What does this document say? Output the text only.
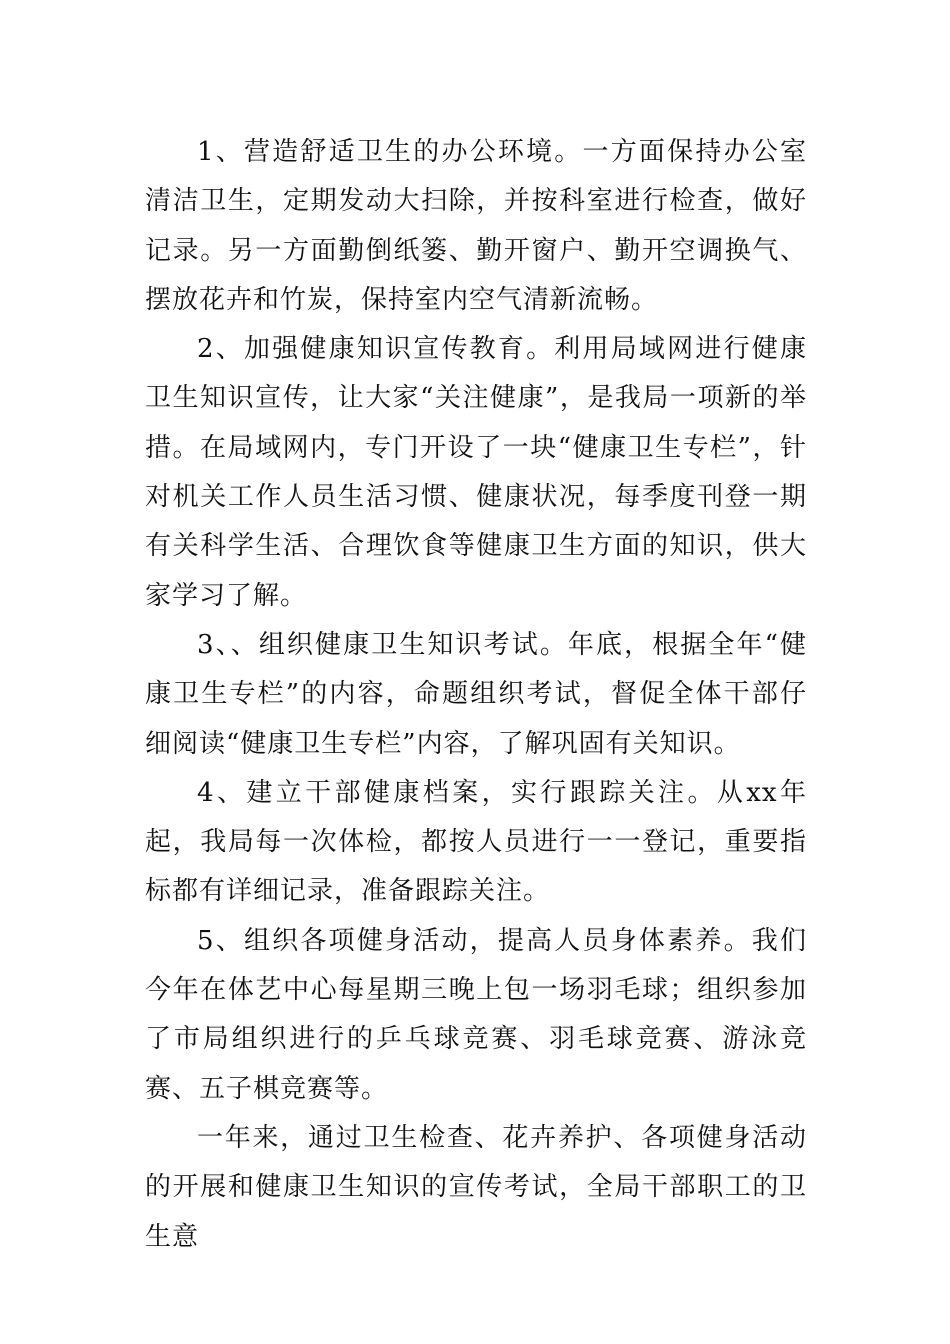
1、营造舒适卫生的办公环境。一方面保持办公室清洁卫生，定期发动大扫除，并按科室进行检查，做好记录。另一方面勤倒纸篓、勤开窗户、勤开空调换气、摆放花卉和竹炭，保持室内空气清新流畅。

2、加强健康知识宣传教育。利用局域网进行健康卫生知识宣传，让大家“关注健康”，是我局一项新的举措。在局域网内，专门开设了一块“健康卫生专栏”，针对机关工作人员生活习惯、健康状况，每季度刊登一期有关科学生活、合理饮食等健康卫生方面的知识，供大家学习了解。

3、、组织健康卫生知识考试。年底，根据全年“健康卫生专栏”的内容，命题组织考试，督促全体干部仔细阅读“健康卫生专栏”内容，了解巩固有关知识。

4、建立干部健康档案，实行跟踪关注。从xx年起，我局每一次体检，都按人员进行一一登记，重要指标都有详细记录，准备跟踪关注。

5、组织各项健身活动，提高人员身体素养。我们今年在体艺中心每星期三晚上包一场羽毛球；组织参加了市局组织进行的乒乓球竞赛、羽毛球竞赛、游泳竞赛、五子棋竞赛等。

一年来，通过卫生检查、花卉养护、各项健身活动的开展和健康卫生知识的宣传考试，全局干部职工的卫生意
